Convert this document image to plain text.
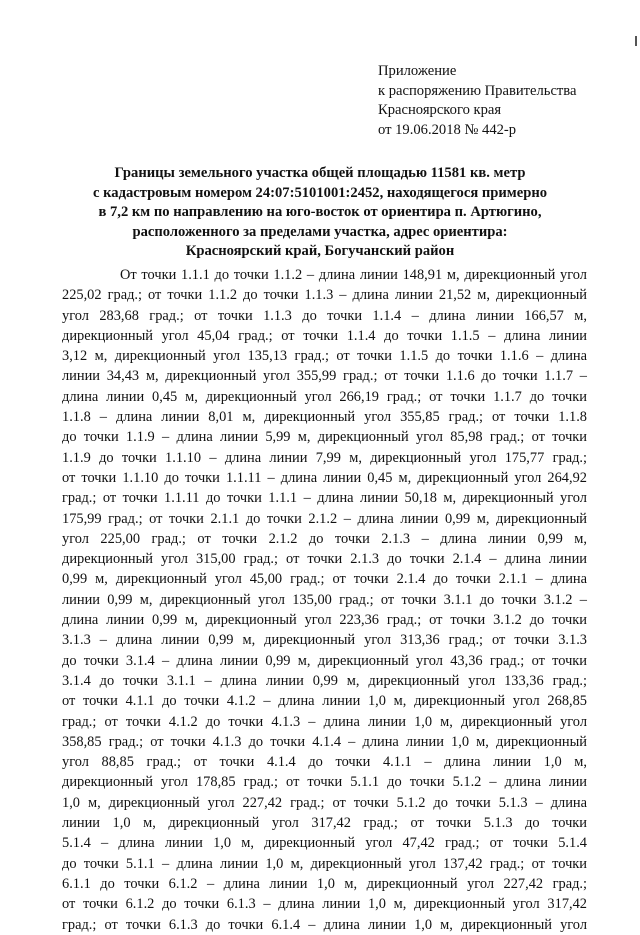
Приложение
к распоряжению Правительства
Красноярского края
от 19.06.2018 № 442-р
Границы земельного участка общей площадью 11581 кв. метр
с кадастровым номером 24:07:5101001:2452, находящегося примерно
в 7,2 км по направлению на юго-восток от ориентира п. Артюгино,
расположенного за пределами участка, адрес ориентира:
Красноярский край, Богучанский район
От точки 1.1.1 до точки 1.1.2 – длина линии 148,91 м, дирекционный угол
225,02 град.; от точки 1.1.2 до точки 1.1.3 – длина линии 21,52 м, дирекционный
угол 283,68 град.; от точки 1.1.3 до точки 1.1.4 – длина линии 166,57 м,
дирекционный угол 45,04 град.; от точки 1.1.4 до точки 1.1.5 – длина линии
3,12 м, дирекционный угол 135,13 град.; от точки 1.1.5 до точки 1.1.6 – длина
линии 34,43 м, дирекционный угол 355,99 град.; от точки 1.1.6 до точки 1.1.7 –
длина линии 0,45 м, дирекционный угол 266,19 град.; от точки 1.1.7 до точки
1.1.8 – длина линии 8,01 м, дирекционный угол 355,85 град.; от точки 1.1.8
до точки 1.1.9 – длина линии 5,99 м, дирекционный угол 85,98 град.; от точки
1.1.9 до точки 1.1.10 – длина линии 7,99 м, дирекционный угол 175,77 град.;
от точки 1.1.10 до точки 1.1.11 – длина линии 0,45 м, дирекционный угол 264,92
град.; от точки 1.1.11 до точки 1.1.1 – длина линии 50,18 м, дирекционный угол
175,99 град.; от точки 2.1.1 до точки 2.1.2 – длина линии 0,99 м, дирекционный
угол 225,00 град.; от точки 2.1.2 до точки 2.1.3 – длина линии 0,99 м,
дирекционный угол 315,00 град.; от точки 2.1.3 до точки 2.1.4 – длина линии
0,99 м, дирекционный угол 45,00 град.; от точки 2.1.4 до точки 2.1.1 – длина
линии 0,99 м, дирекционный угол 135,00 град.; от точки 3.1.1 до точки 3.1.2 –
длина линии 0,99 м, дирекционный угол 223,36 град.; от точки 3.1.2 до точки
3.1.3 – длина линии 0,99 м, дирекционный угол 313,36 град.; от точки 3.1.3
до точки 3.1.4 – длина линии 0,99 м, дирекционный угол 43,36 град.; от точки
3.1.4 до точки 3.1.1 – длина линии 0,99 м, дирекционный угол 133,36 град.;
от точки 4.1.1 до точки 4.1.2 – длина линии 1,0 м, дирекционный угол 268,85
град.; от точки 4.1.2 до точки 4.1.3 – длина линии 1,0 м, дирекционный угол
358,85 град.; от точки 4.1.3 до точки 4.1.4 – длина линии 1,0 м, дирекционный
угол 88,85 град.; от точки 4.1.4 до точки 4.1.1 – длина линии 1,0 м,
дирекционный угол 178,85 град.; от точки 5.1.1 до точки 5.1.2 – длина линии
1,0 м, дирекционный угол 227,42 град.; от точки 5.1.2 до точки 5.1.3 – длина
линии 1,0 м, дирекционный угол 317,42 град.; от точки 5.1.3 до точки
5.1.4 – длина линии 1,0 м, дирекционный угол 47,42 град.; от точки 5.1.4
до точки 5.1.1 – длина линии 1,0 м, дирекционный угол 137,42 град.; от точки
6.1.1 до точки 6.1.2 – длина линии 1,0 м, дирекционный угол 227,42 град.;
от точки 6.1.2 до точки 6.1.3 – длина линии 1,0 м, дирекционный угол 317,42
град.; от точки 6.1.3 до точки 6.1.4 – длина линии 1,0 м, дирекционный угол
